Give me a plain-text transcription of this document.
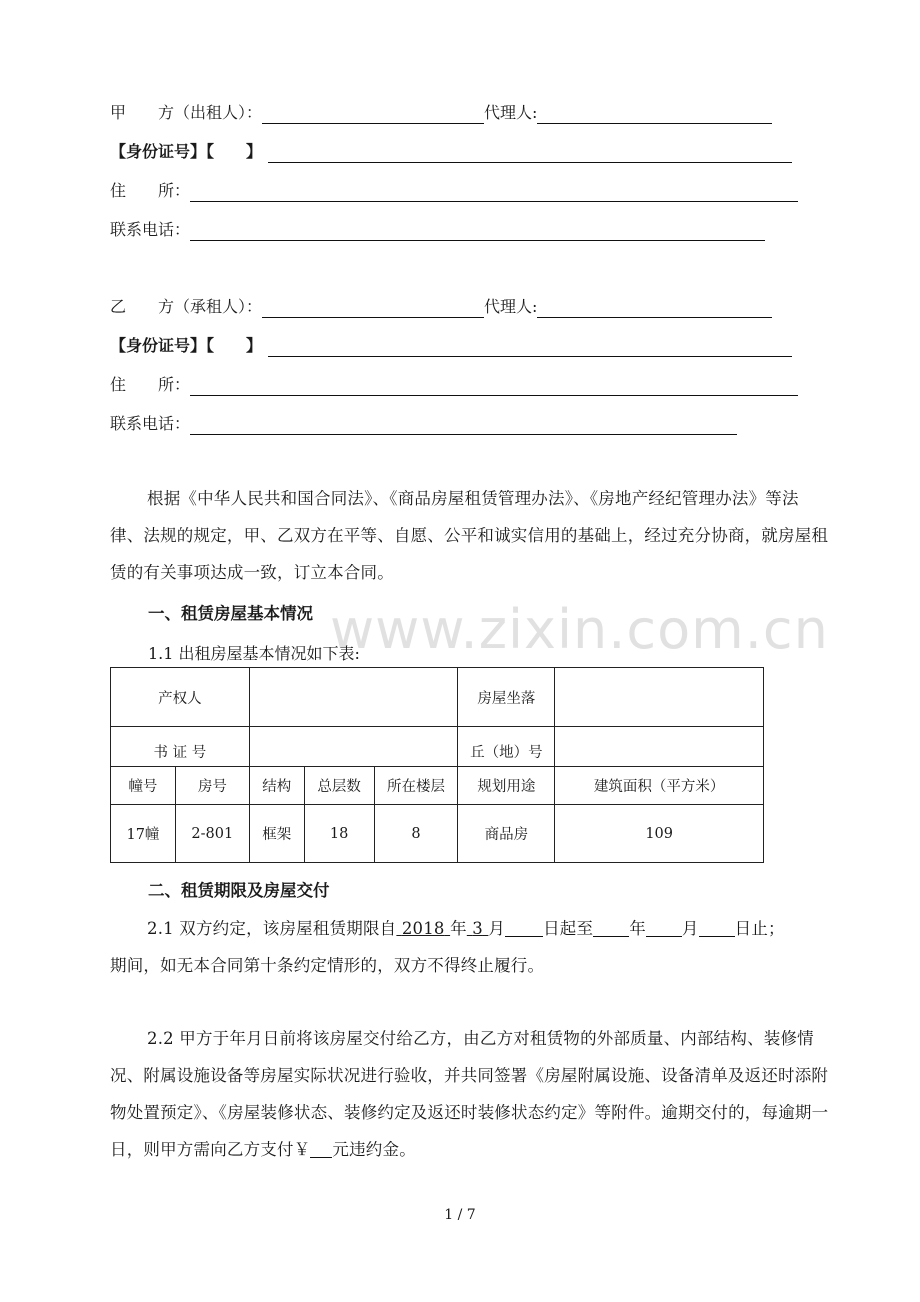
甲　　方（出租人）：	代理人:
【身份证号】【　　】
住　　所：
联系电话：
乙　　方（承租人）：	代理人:
【身份证号】【　　】
住　　所：
联系电话：
根据《中华人民共和国合同法》、《商品房屋租赁管理办法》、《房地产经纪管理办法》等法律、法规的规定，甲、乙双方在平等、自愿、公平和诚实信用的基础上，经过充分协商，就房屋租赁的有关事项达成一致，订立本合同。
www.zixin.com.cn
一、租赁房屋基本情况
1.1 出租房屋基本情况如下表:
产权人					房屋坐落	
书 证 号					丘（地）号	
幢号	房号	结构	总层数	所在楼层	规划用途	建筑面积（平方米）
17幢	2-801	框架	18	8	商品房	109
二、租赁期限及房屋交付
2.1 双方约定，该房屋租赁期限自 2018 年 3 月 日起至 年 月 日止；
期间，如无本合同第十条约定情形的，双方不得终止履行。
2.2 甲方于年月日前将该房屋交付给乙方，由乙方对租赁物的外部质量、内部结构、装修情况、附属设施设备等房屋实际状况进行验收，并共同签署《房屋附属设施、设备清单及返还时添附物处置预定》、《房屋装修状态、装修约定及返还时装修状态约定》等附件。逾期交付的，每逾期一日，则甲方需向乙方支付￥ 元违约金。
1 / 7
